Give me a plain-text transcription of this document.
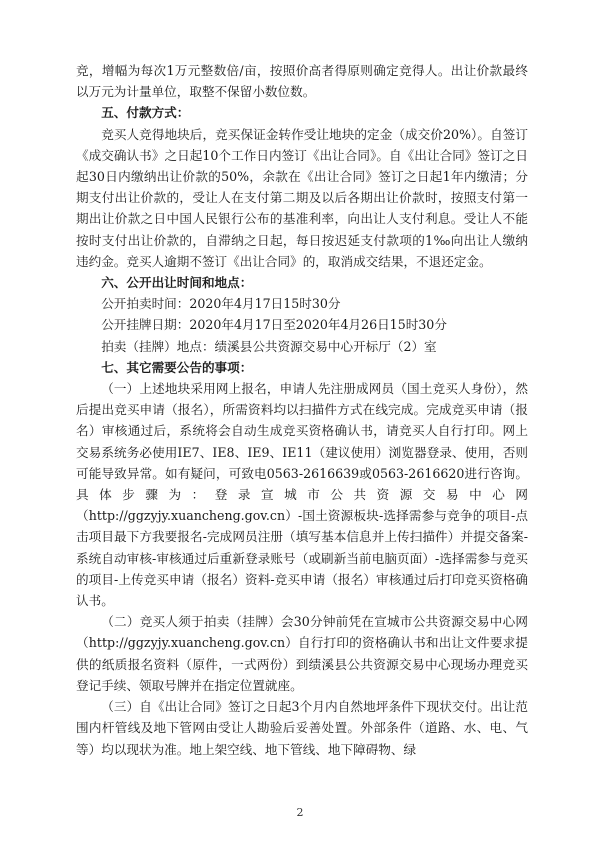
竞，增幅为每次1万元整数倍/亩，按照价高者得原则确定竞得人。出让价款最终以万元为计量单位，取整不保留小数位数。

五、付款方式：

竞买人竞得地块后，竞买保证金转作受让地块的定金（成交价20%）。自签订《成交确认书》之日起10个工作日内签订《出让合同》。自《出让合同》签订之日起30日内缴纳出让价款的50%，余款在《出让合同》签订之日起1年内缴清；分期支付出让价款的，受让人在支付第二期及以后各期出让价款时，按照支付第一期出让价款之日中国人民银行公布的基准利率，向出让人支付利息。受让人不能按时支付出让价款的，自滞纳之日起，每日按迟延支付款项的1‰向出让人缴纳违约金。竞买人逾期不签订《出让合同》的，取消成交结果，不退还定金。

六、公开出让时间和地点：

公开拍卖时间：2020年4月17日15时30分

公开挂牌日期：2020年4月17日至2020年4月26日15时30分

拍卖（挂牌）地点：绩溪县公共资源交易中心开标厅（2）室

七、其它需要公告的事项：

（一）上述地块采用网上报名，申请人先注册成网员（国土竞买人身份），然后提出竞买申请（报名），所需资料均以扫描件方式在线完成。完成竞买申请（报名）审核通过后，系统将会自动生成竞买资格确认书，请竞买人自行打印。网上交易系统务必使用IE7、IE8、IE9、IE11（建议使用）浏览器登录、使用，否则可能导致异常。如有疑问，可致电0563-2616639或0563-2616620进行咨询。具体步骤为：登录宣城市公共资源交易中心网（http://ggzyjy.xuancheng.gov.cn）-国土资源板块-选择需参与竞争的项目-点击项目最下方我要报名-完成网员注册（填写基本信息并上传扫描件）并提交备案-系统自动审核-审核通过后重新登录账号（或刷新当前电脑页面）-选择需参与竞买的项目-上传竞买申请（报名）资料-竞买申请（报名）审核通过后打印竞买资格确认书。

（二）竞买人须于拍卖（挂牌）会30分钟前凭在宣城市公共资源交易中心网（http://ggzyjy.xuancheng.gov.cn）自行打印的资格确认书和出让文件要求提供的纸质报名资料（原件，一式两份）到绩溪县公共资源交易中心现场办理竞买登记手续、领取号牌并在指定位置就座。

（三）自《出让合同》签订之日起3个月内自然地坪条件下现状交付。出让范围内杆管线及地下管网由受让人勘验后妥善处置。外部条件（道路、水、电、气等）均以现状为准。地上架空线、地下管线、地下障碍物、绿

2
